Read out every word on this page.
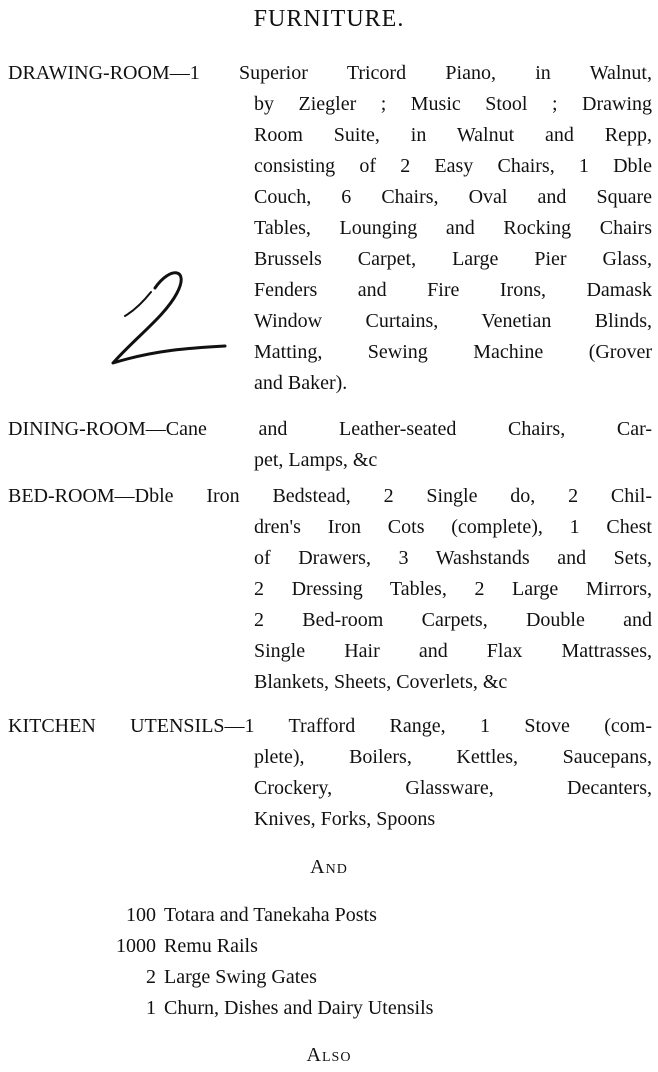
FURNITURE.
DRAWING-ROOM—1 Superior Tricord Piano, in Walnut,
by Ziegler ; Music Stool ; Drawing
Room Suite, in Walnut and Repp,
consisting of 2 Easy Chairs, 1 Dble
Couch, 6 Chairs, Oval and Square
Tables, Lounging and Rocking Chairs
Brussels Carpet, Large Pier Glass,
Fenders and Fire Irons, Damask
Window Curtains, Venetian Blinds,
Matting, Sewing Machine (Grover
and Baker).
DINING-ROOM—Cane and Leather-seated Chairs, Car-
pet, Lamps, &c
BED-ROOM—Dble Iron Bedstead, 2 Single do, 2 Chil-
dren's Iron Cots (complete), 1 Chest
of Drawers, 3 Washstands and Sets,
2 Dressing Tables, 2 Large Mirrors,
2 Bed-room Carpets, Double and
Single Hair and Flax Mattrasses,
Blankets, Sheets, Coverlets, &c
KITCHEN UTENSILS—1 Trafford Range, 1 Stove (com-
plete), Boilers, Kettles, Saucepans,
Crockery, Glassware, Decanters,
Knives, Forks, Spoons
And
100 Totara and Tanekaha Posts
1000 Remu Rails
2 Large Swing Gates
1 Churn, Dishes and Dairy Utensils
Also
